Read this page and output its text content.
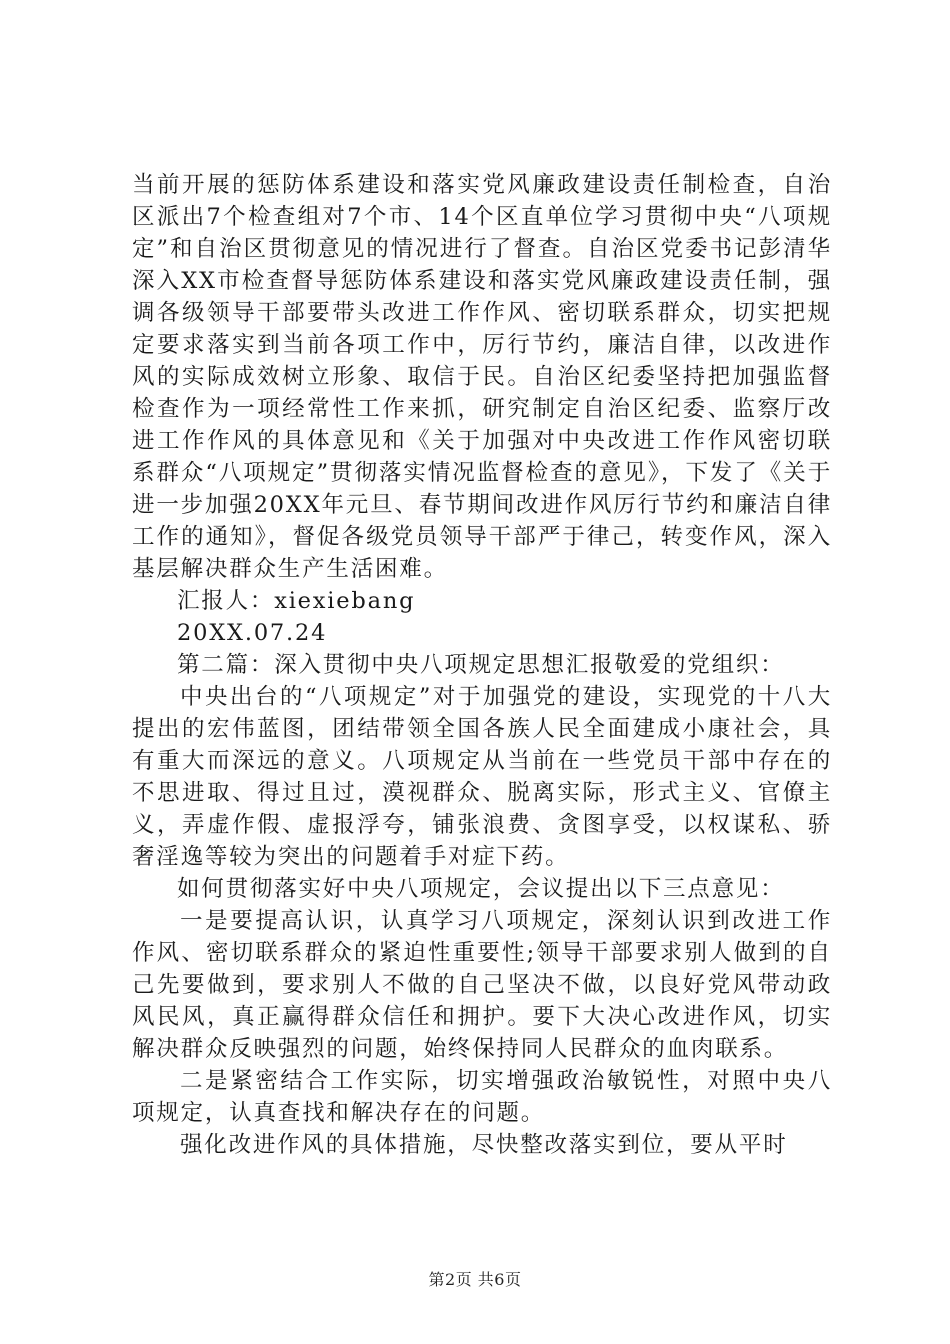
当前开展的惩防体系建设和落实党风廉政建设责任制检查，自治区派出7个检查组对7个市、14个区直单位学习贯彻中央“八项规定”和自治区贯彻意见的情况进行了督查。自治区党委书记彭清华深入XX市检查督导惩防体系建设和落实党风廉政建设责任制，强调各级领导干部要带头改进工作作风、密切联系群众，切实把规定要求落实到当前各项工作中，厉行节约，廉洁自律，以改进作风的实际成效树立形象、取信于民。自治区纪委坚持把加强监督检查作为一项经常性工作来抓，研究制定自治区纪委、监察厅改进工作作风的具体意见和《关于加强对中央改进工作作风密切联系群众“八项规定”贯彻落实情况监督检查的意见》，下发了《关于进一步加强20XX年元旦、春节期间改进作风厉行节约和廉洁自律工作的通知》，督促各级党员领导干部严于律己，转变作风，深入基层解决群众生产生活困难。

汇报人：xiexiebang

20XX.07.24

第二篇：深入贯彻中央八项规定思想汇报敬爱的党组织：

中央出台的“八项规定”对于加强党的建设，实现党的十八大提出的宏伟蓝图，团结带领全国各族人民全面建成小康社会，具有重大而深远的意义。八项规定从当前在一些党员干部中存在的不思进取、得过且过，漠视群众、脱离实际，形式主义、官僚主义，弄虚作假、虚报浮夸，铺张浪费、贪图享受，以权谋私、骄奢淫逸等较为突出的问题着手对症下药。

如何贯彻落实好中央八项规定，会议提出以下三点意见：

一是要提高认识，认真学习八项规定，深刻认识到改进工作作风、密切联系群众的紧迫性重要性;领导干部要求别人做到的自己先要做到，要求别人不做的自己坚决不做，以良好党风带动政风民风，真正赢得群众信任和拥护。要下大决心改进作风，切实解决群众反映强烈的问题，始终保持同人民群众的血肉联系。

二是紧密结合工作实际，切实增强政治敏锐性，对照中央八项规定，认真查找和解决存在的问题。

强化改进作风的具体措施，尽快整改落实到位，要从平时

第2页 共6页
